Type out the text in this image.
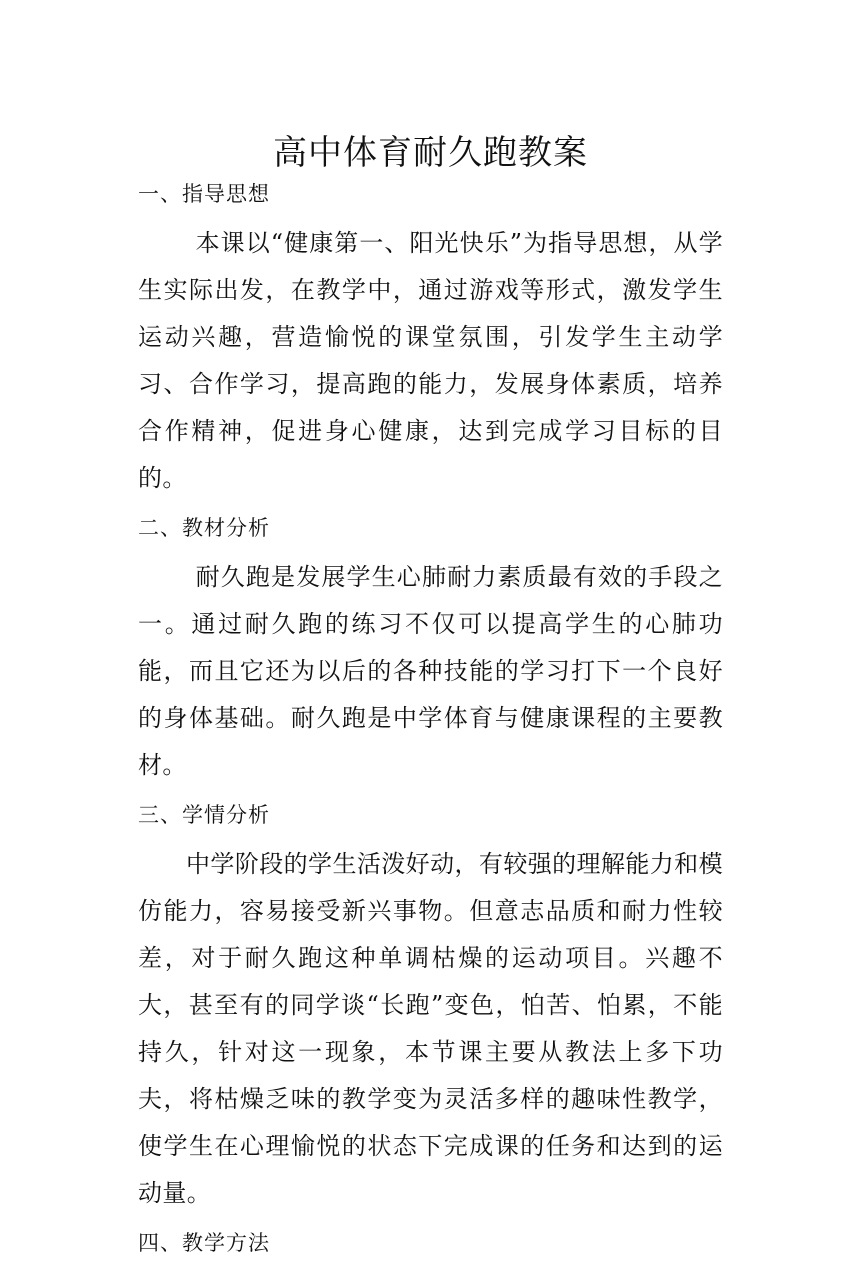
高中体育耐久跑教案
一、指导思想

本课以“健康第一、阳光快乐”为指导思想，从学生实际出发，在教学中，通过游戏等形式，激发学生运动兴趣，营造愉悦的课堂氛围，引发学生主动学习、合作学习，提高跑的能力，发展身体素质，培养合作精神，促进身心健康，达到完成学习目标的目的。

二、教材分析

耐久跑是发展学生心肺耐力素质最有效的手段之一。通过耐久跑的练习不仅可以提高学生的心肺功能，而且它还为以后的各种技能的学习打下一个良好的身体基础。耐久跑是中学体育与健康课程的主要教材。

三、学情分析

中学阶段的学生活泼好动，有较强的理解能力和模仿能力，容易接受新兴事物。但意志品质和耐力性较差，对于耐久跑这种单调枯燥的运动项目。兴趣不大，甚至有的同学谈“长跑”变色，怕苦、怕累，不能持久，针对这一现象，本节课主要从教法上多下功夫，将枯燥乏味的教学变为灵活多样的趣味性教学，使学生在心理愉悦的状态下完成课的任务和达到的运动量。

四、教学方法
